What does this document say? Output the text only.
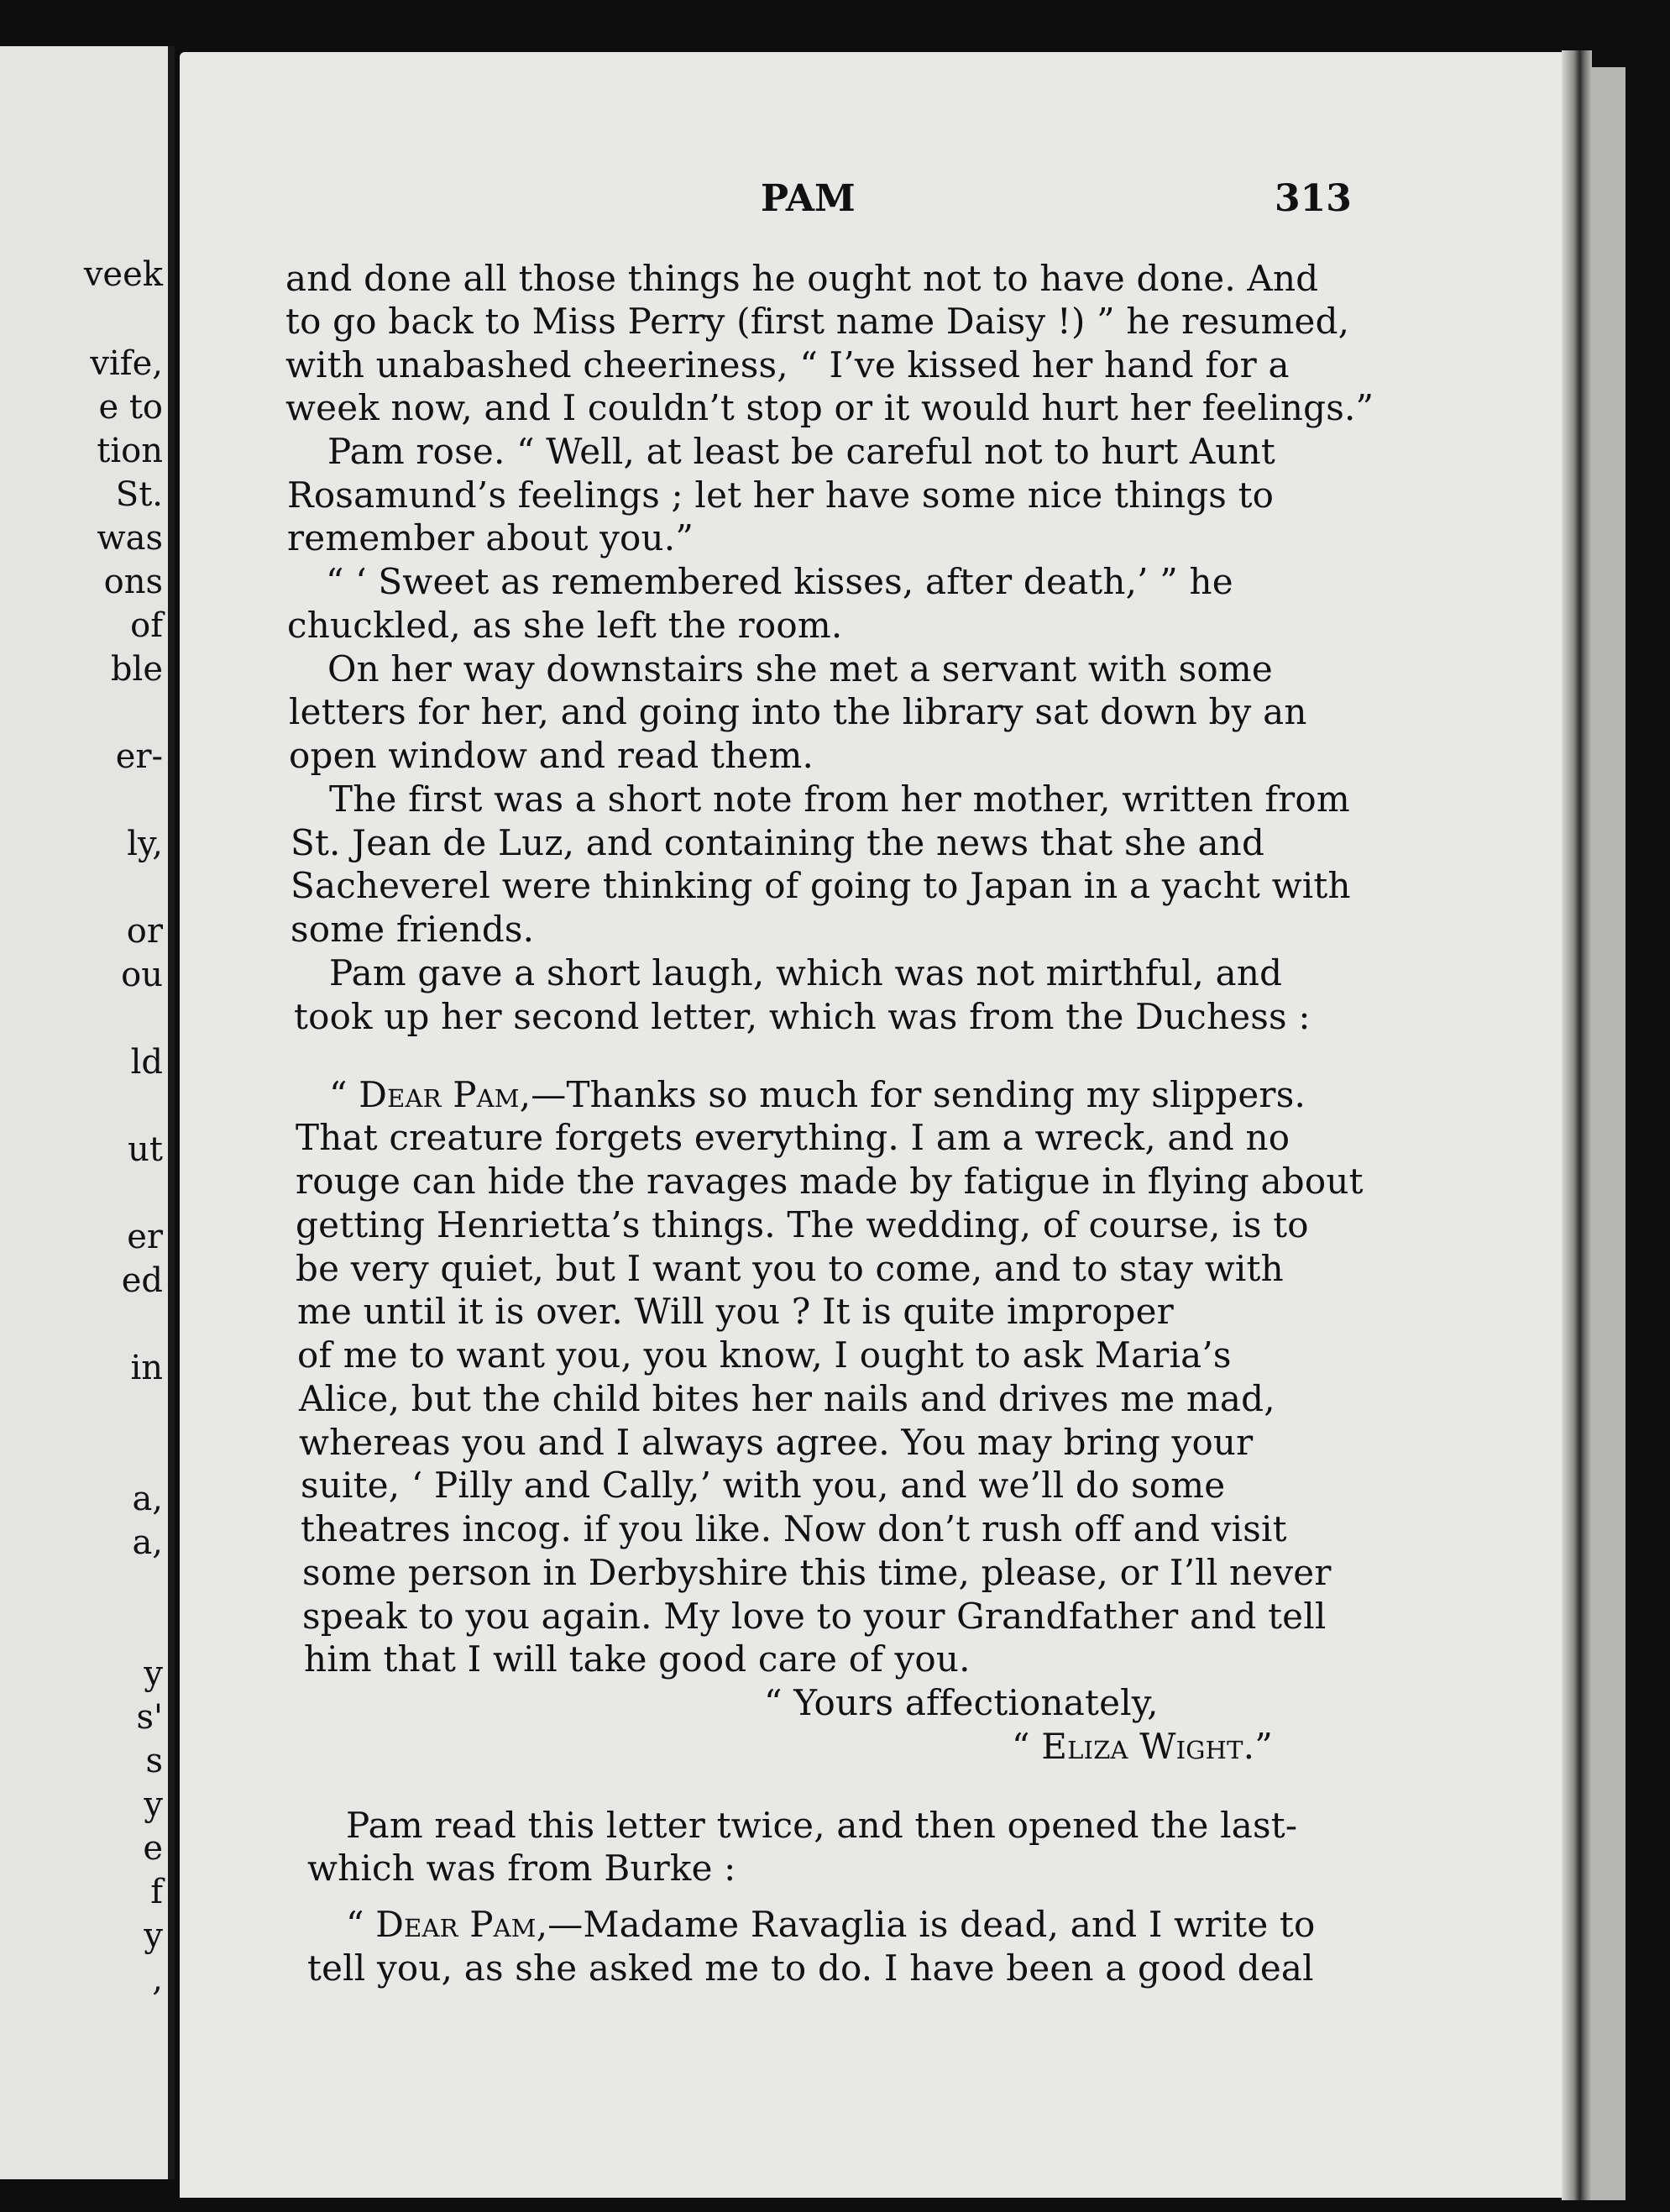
veek
vife,
e to
tion
St.
was
ons
of
ble
er-
ly,
or
ou
ld
ut
er
ed
in
a,
a,
y
s'
s
y
e
f
y
,
PAM	313
and done all those things he ought not to have done. And
to go back to Miss Perry (first name Daisy !) ” he resumed,
with unabashed cheeriness, “ I’ve kissed her hand for a
week now, and I couldn’t stop or it would hurt her feelings.”
Pam rose. “ Well, at least be careful not to hurt Aunt
Rosamund’s feelings ; let her have some nice things to
remember about you.”
“ ‘ Sweet as remembered kisses, after death,’ ” he
chuckled, as she left the room.
On her way downstairs she met a servant with some
letters for her, and going into the library sat down by an
open window and read them.
The first was a short note from her mother, written from
St. Jean de Luz, and containing the news that she and
Sacheverel were thinking of going to Japan in a yacht with
some friends.
Pam gave a short laugh, which was not mirthful, and
took up her second letter, which was from the Duchess :
“ Dear Pam,—Thanks so much for sending my slippers.
That creature forgets everything. I am a wreck, and no
rouge can hide the ravages made by fatigue in flying about
getting Henrietta’s things. The wedding, of course, is to
be very quiet, but I want you to come, and to stay with
me until it is over. Will you ? It is quite improper
of me to want you, you know, I ought to ask Maria’s
Alice, but the child bites her nails and drives me mad,
whereas you and I always agree. You may bring your
suite, ‘ Pilly and Cally,’ with you, and we’ll do some
theatres incog. if you like. Now don’t rush off and visit
some person in Derbyshire this time, please, or I’ll never
speak to you again. My love to your Grandfather and tell
him that I will take good care of you.
“ Yours affectionately,
“ Eliza Wight.”
Pam read this letter twice, and then opened the last-
which was from Burke :
“ Dear Pam,—Madame Ravaglia is dead, and I write to
tell you, as she asked me to do. I have been a good deal
